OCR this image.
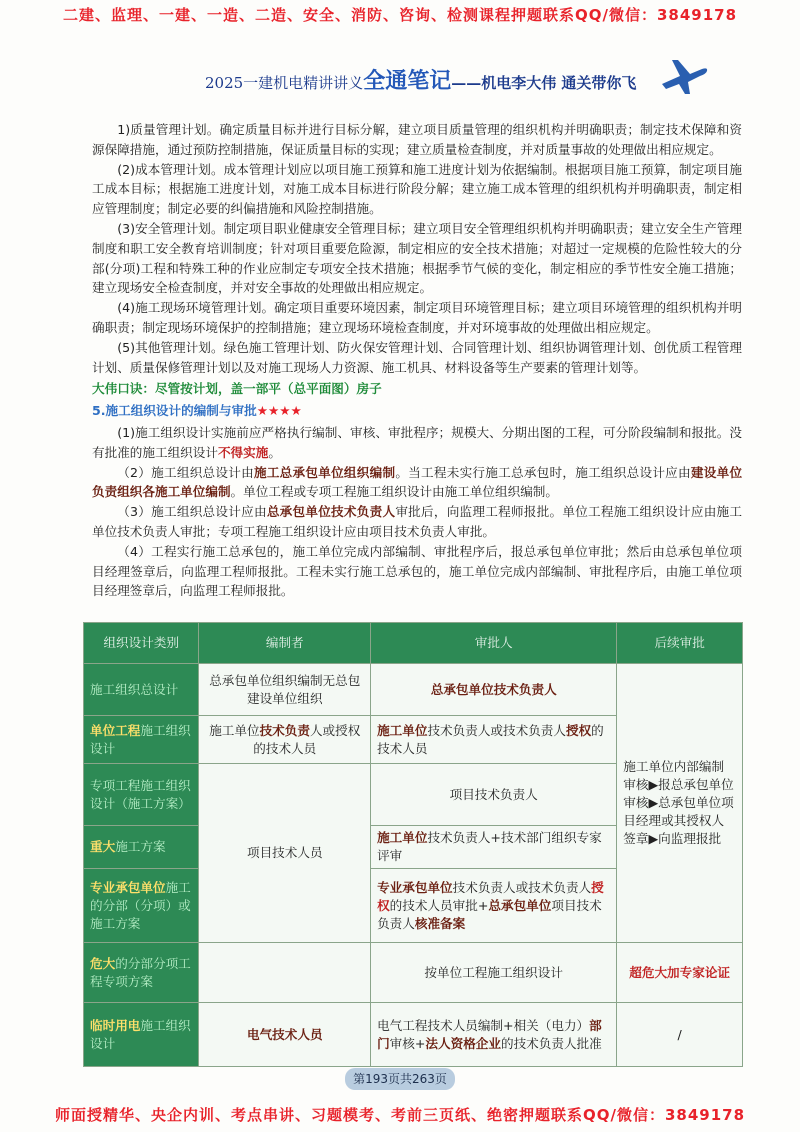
二建、监理、一建、一造、二造、安全、消防、咨询、检测课程押题联系QQ/微信：3849178
2025一建机电精讲讲义全通笔记——机电李大伟 通关带你飞

1)质量管理计划。确定质量目标并进行目标分解，建立项目质量管理的组织机构并明确职责；制定技术保障和资源保障措施，通过预防控制措施，保证质量目标的实现；建立质量检查制度，并对质量事故的处理做出相应规定。

(2)成本管理计划。成本管理计划应以项目施工预算和施工进度计划为依据编制。根据项目施工预算，制定项目施工成本目标；根据施工进度计划，对施工成本目标进行阶段分解；建立施工成本管理的组织机构并明确职责，制定相应管理制度；制定必要的纠偏措施和风险控制措施。

(3)安全管理计划。制定项目职业健康安全管理目标；建立项目安全管理组织机构并明确职责；建立安全生产管理制度和职工安全教育培训制度；针对项目重要危险源，制定相应的安全技术措施；对超过一定规模的危险性较大的分部(分项)工程和特殊工种的作业应制定专项安全技术措施；根据季节气候的变化，制定相应的季节性安全施工措施；建立现场安全检查制度，并对安全事故的处理做出相应规定。

(4)施工现场环境管理计划。确定项目重要环境因素，制定项目环境管理目标；建立项目环境管理的组织机构并明确职责；制定现场环境保护的控制措施；建立现场环境检查制度，并对环境事故的处理做出相应规定。

(5)其他管理计划。绿色施工管理计划、防火保安管理计划、合同管理计划、组织协调管理计划、创优质工程管理计划、质量保修管理计划以及对施工现场人力资源、施工机具、材料设备等生产要素的管理计划等。

大伟口诀：尽管按计划，盖一部平（总平面图）房子

5.施工组织设计的编制与审批★★★★

(1)施工组织设计实施前应严格执行编制、审核、审批程序；规模大、分期出图的工程，可分阶段编制和报批。没有批准的施工组织设计不得实施。

（2）施工组织总设计由施工总承包单位组织编制。当工程未实行施工总承包时，施工组织总设计应由建设单位负责组织各施工单位编制。单位工程或专项工程施工组织设计由施工单位组织编制。

（3）施工组织总设计应由总承包单位技术负责人审批后，向监理工程师报批。单位工程施工组织设计应由施工单位技术负责人审批；专项工程施工组织设计应由项目技术负责人审批。

（4）工程实行施工总承包的，施工单位完成内部编制、审批程序后，报总承包单位审批；然后由总承包单位项目经理签章后，向监理工程师报批。工程未实行施工总承包的，施工单位完成内部编制、审批程序后，由施工单位项目经理签章后，向监理工程师报批。

组织设计类别	编制者	审批人	后续审批
施工组织总设计	总承包单位组织编制无总包建设单位组织	总承包单位技术负责人	施工单位内部编制审核▶报总承包单位审核▶总承包单位项目经理或其授权人签章▶向监理报批
单位工程施工组织设计	施工单位技术负责人或授权的技术人员	施工单位技术负责人或技术负责人授权的技术人员	
专项工程施工组织设计（施工方案）	项目技术人员	项目技术负责人	
重大施工方案		施工单位技术负责人+技术部门组织专家评审	
专业承包单位施工的分部（分项）或施工方案		专业承包单位技术负责人或技术负责人授权的技术人员审批+总承包单位项目技术负责人核准备案	
危大的分部分项工程专项方案		按单位工程施工组织设计	超危大加专家论证
临时用电施工组织设计	电气技术人员	电气工程技术人员编制+相关（电力）部门审核+法人资格企业的技术负责人批准	/
第193页共263页
师面授精华、央企内训、考点串讲、习题模考、考前三页纸、绝密押题联系QQ/微信：3849178
